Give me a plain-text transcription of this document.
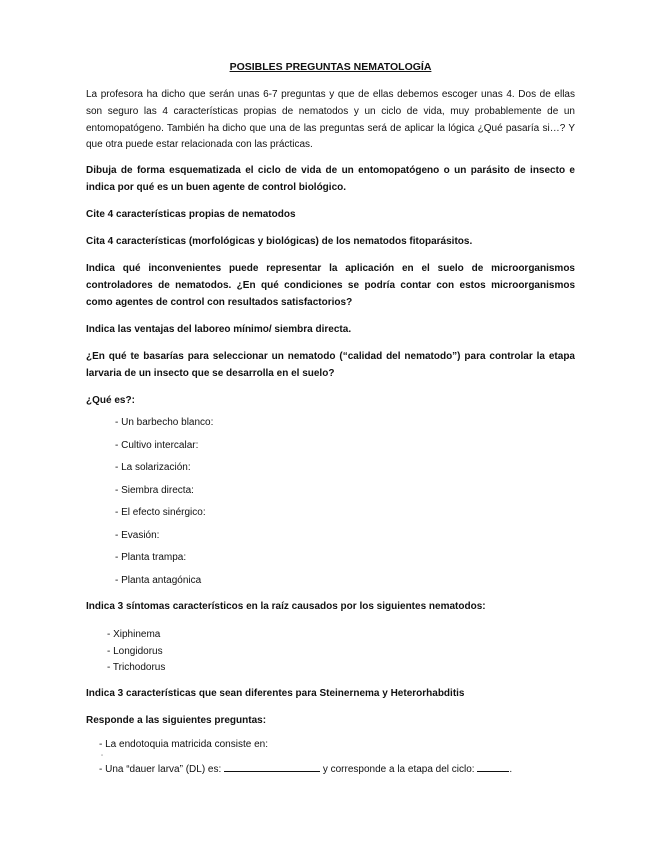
POSIBLES PREGUNTAS NEMATOLOGÍA
La profesora ha dicho que serán unas 6-7 preguntas y que de ellas debemos escoger unas 4. Dos de ellas son seguro las 4 características propias de nematodos y un ciclo de vida, muy probablemente de un entomopatógeno. También ha dicho que una de las preguntas será de aplicar la lógica ¿Qué pasaría si…? Y que otra puede estar relacionada con las prácticas.
Dibuja de forma esquematizada el ciclo de vida de un entomopatógeno o un parásito de insecto e indica por qué es un buen agente de control biológico.
Cite 4 características propias de nematodos
Cita 4 características (morfológicas y biológicas) de los nematodos fitoparásitos.
Indica qué inconvenientes puede representar la aplicación en el suelo de microorganismos controladores de nematodos. ¿En qué condiciones se podría contar con estos microorganismos como agentes de control con resultados satisfactorios?
Indica las ventajas del laboreo mínimo/ siembra directa.
¿En qué te basarías para seleccionar un nematodo (“calidad del nematodo”) para controlar la etapa larvaria de un insecto que se desarrolla en el suelo?
¿Qué es?:
- Un barbecho blanco:
- Cultivo intercalar:
- La solarización:
- Siembra directa:
- El efecto sinérgico:
- Evasión:
- Planta trampa:
- Planta antagónica
Indica 3 síntomas característicos en la raíz causados por los siguientes nematodos:
- Xiphinema
- Longidorus
- Trichodorus
Indica 3 características que sean diferentes para Steinernema y Heterorhabditis
Responde a las siguientes preguntas:
- La endotoquia matricida consiste en:
▫
- Una “dauer larva” (DL) es:	y corresponde a la etapa del ciclo:	.
